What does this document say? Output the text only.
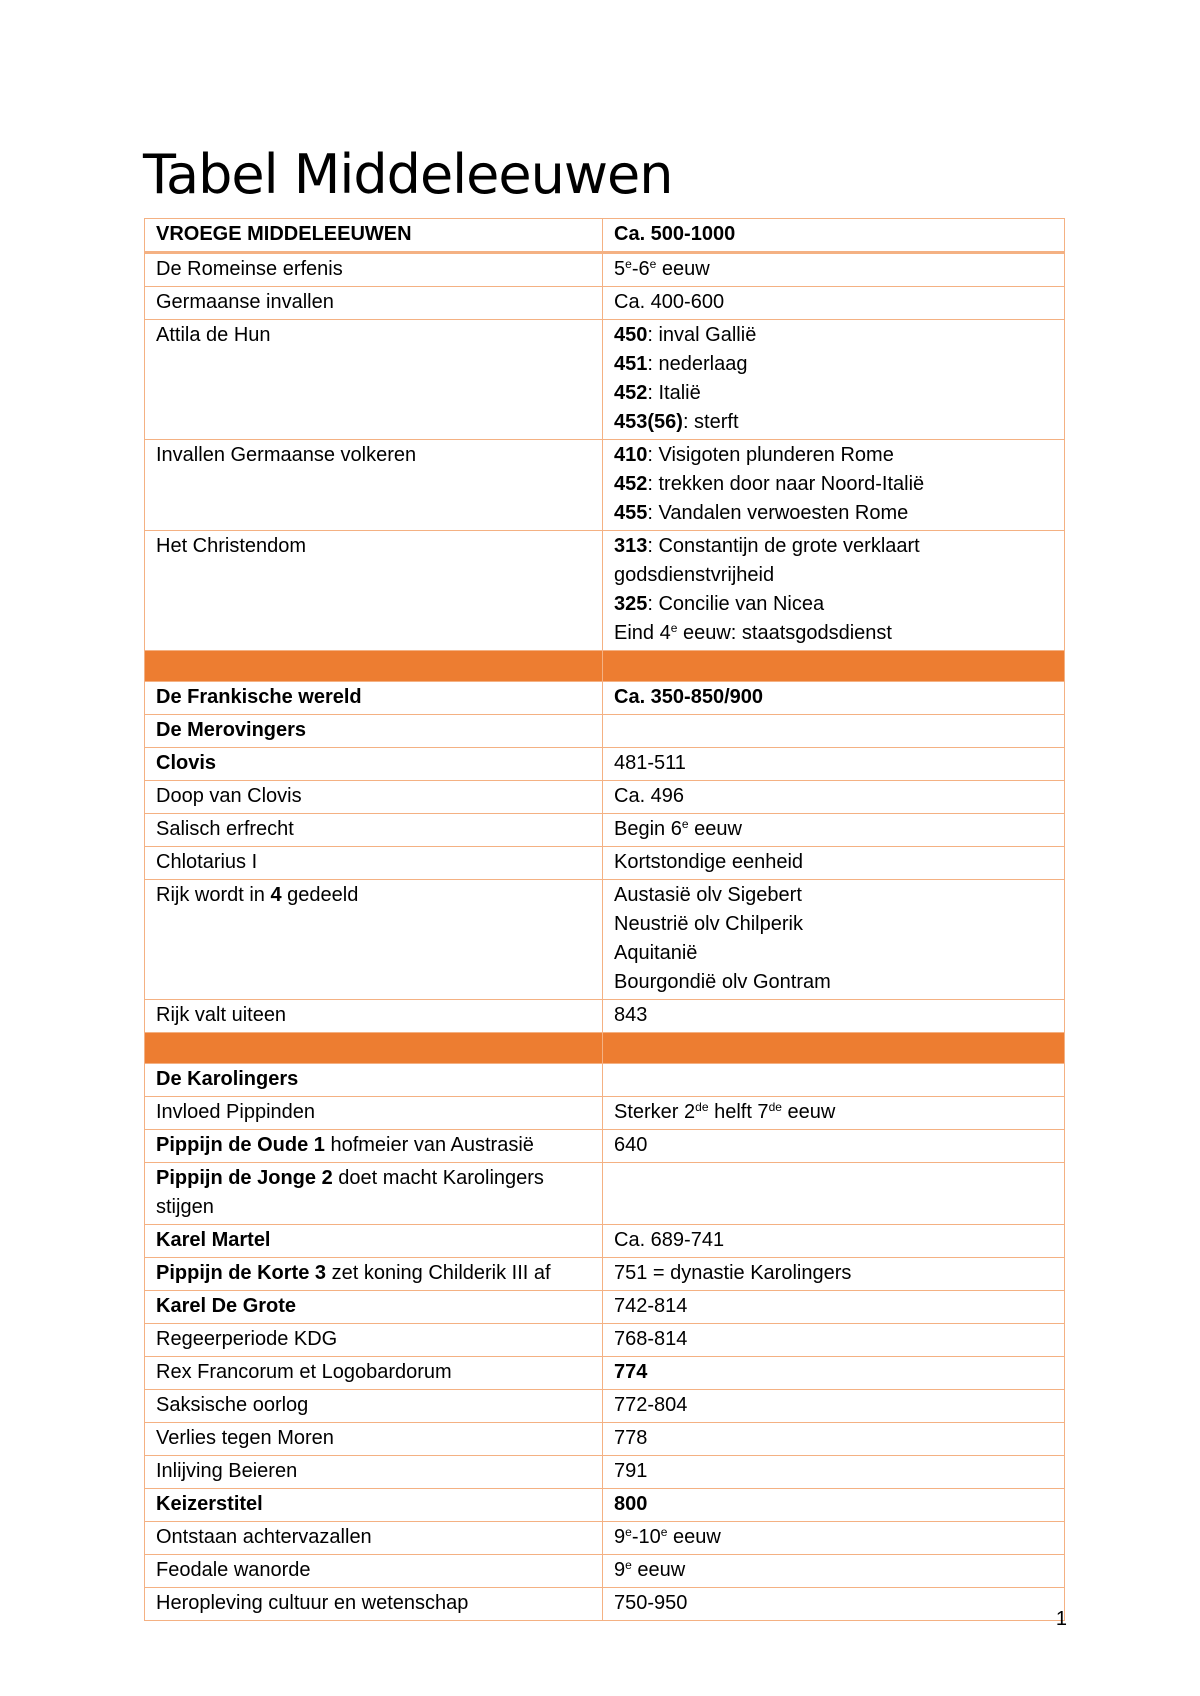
Tabel Middeleeuwen
VROEGE MIDDELEEUWEN	Ca. 500-1000

De Romeinse erfenis	5e-6e eeuw

Germaanse invallen	Ca. 400-600

Attila de Hun	450: inval Gallië
451: nederlaag
452: Italië
453(56): sterft

Invallen Germaanse volkeren	410: Visigoten plunderen Rome
452: trekken door naar Noord-Italië
455: Vandalen verwoesten Rome

Het Christendom	313: Constantijn de grote verklaart
godsdienstvrijheid
325: Concilie van Nicea
Eind 4e eeuw: staatsgodsdienst

De Frankische wereld	Ca. 350-850/900

De Merovingers	

Clovis	481-511

Doop van Clovis	Ca. 496

Salisch erfrecht	Begin 6e eeuw

Chlotarius I	Kortstondige eenheid

Rijk wordt in 4 gedeeld	Austasië olv Sigebert
Neustrië olv Chilperik
Aquitanië
Bourgondië olv Gontram

Rijk valt uiteen	843

De Karolingers	

Invloed Pippinden	Sterker 2de helft 7de eeuw

Pippijn de Oude 1 hofmeier van Austrasië	640

Pippijn de Jonge 2 doet macht Karolingers
stijgen	

Karel Martel	Ca. 689-741

Pippijn de Korte 3 zet koning Childerik III af	751 = dynastie Karolingers

Karel De Grote	742-814

Regeerperiode KDG	768-814

Rex Francorum et Logobardorum	774

Saksische oorlog	772-804

Verlies tegen Moren	778

Inlijving Beieren	791

Keizerstitel	800

Ontstaan achtervazallen	9e-10e eeuw

Feodale wanorde	9e eeuw

Heropleving cultuur en wetenschap	750-950
1
